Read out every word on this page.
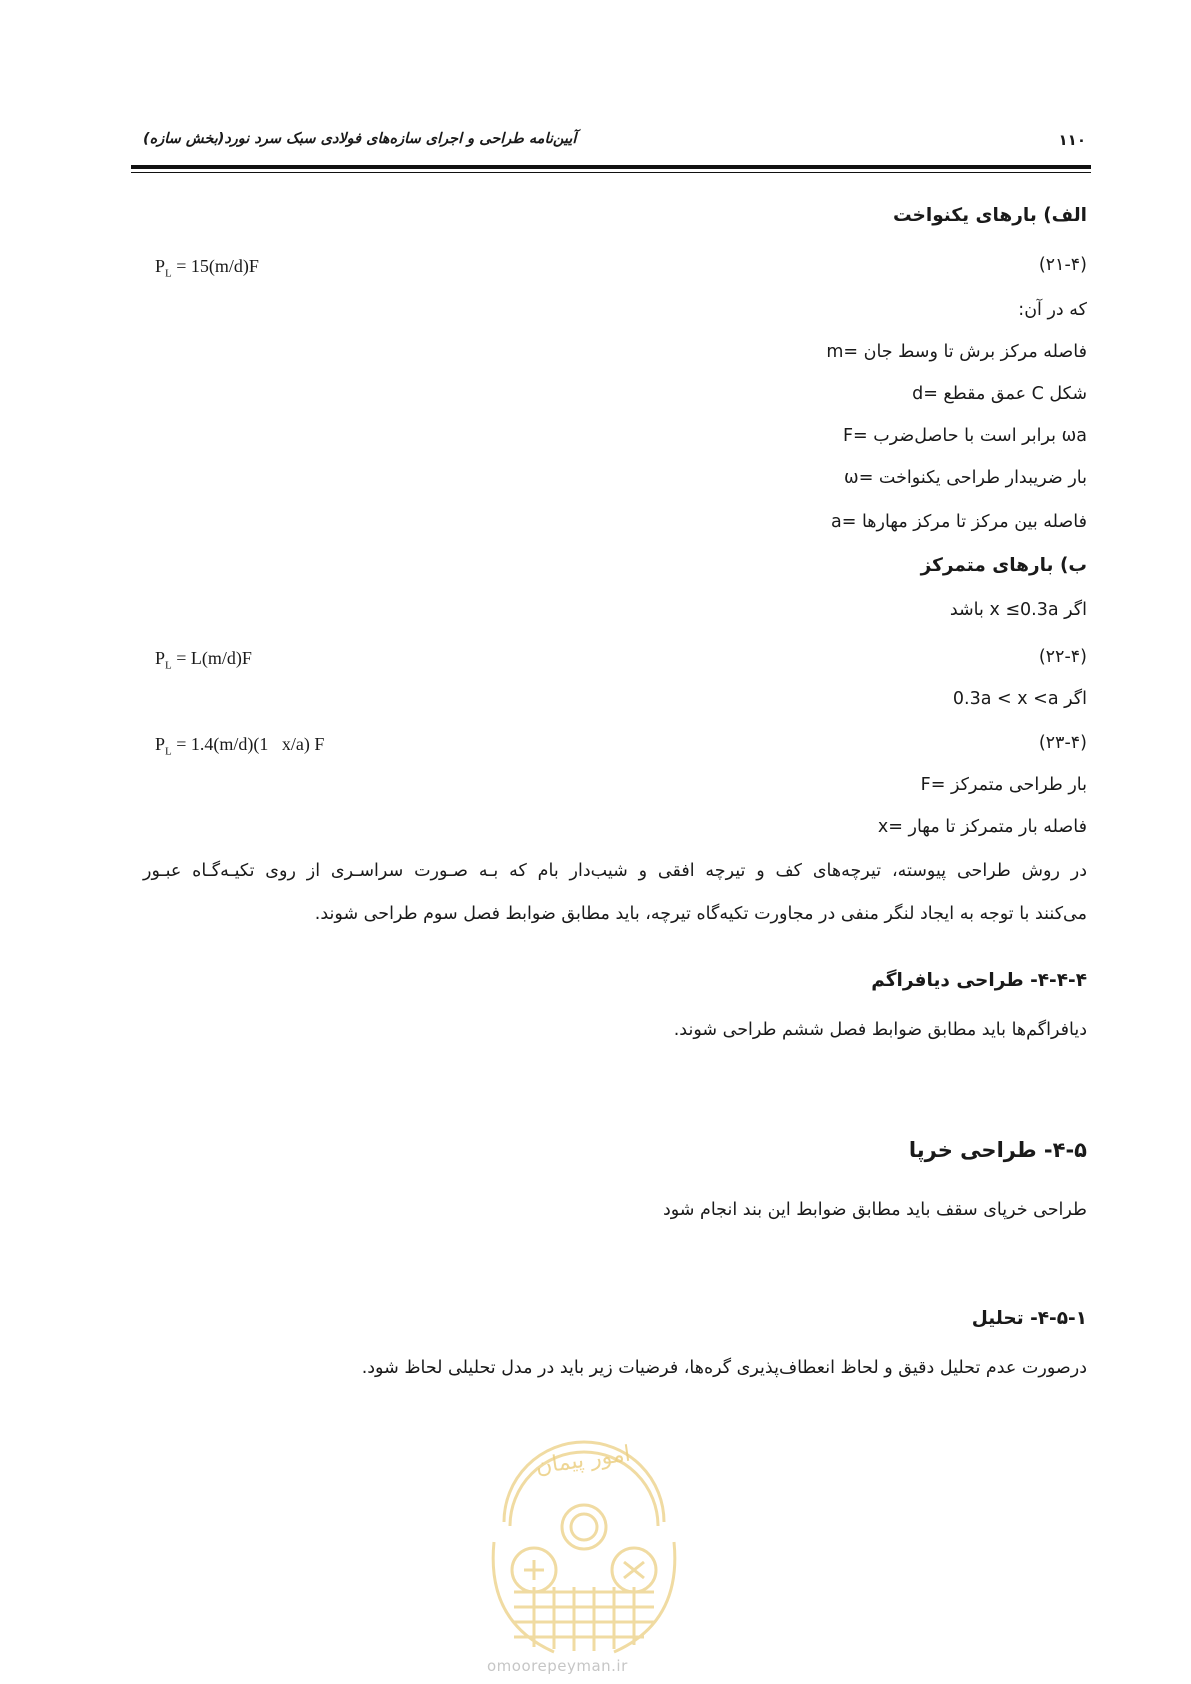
۱۱۰
آیین‌نامه طراحی و اجرای سازه‌های فولادی سبک سرد نورد(بخش سازه)
الف) بارهای یکنواخت
(۲۱-۴)
$P_L = 15(m/d)F$
که در آن:
m= فاصله مرکز برش تا وسط جان
d= عمق مقطع C شکل
F= برابر است با حاصل‌ضرب ωa
ω= بار ضریبدار طراحی یکنواخت
a= فاصله بین مرکز تا مرکز مهارها
ب) بارهای متمرکز
اگر x ≤0.3a باشد
(۲۲-۴)
$P_L = L(m/d)F$
اگر 0.3a < x <a
(۲۳-۴)
$P_L = 1.4(m/d)(1$   x/a) F
F= بار طراحی متمرکز
x= فاصله بار متمرکز تا مهار
در روش طراحی پیوسته، تیرچه‌های کف و تیرچه افقی و شیب‌دار بام که بـه صـورت سراسـری از روی تکیـه‌گـاه عبـور
می‌کنند با توجه به ایجاد لنگر منفی در مجاورت تکیه‌گاه تیرچه، باید مطابق ضوابط فصل سوم طراحی شوند.
۴-۴-۴- طراحی دیافراگم
دیافراگم‌ها باید مطابق ضوابط فصل ششم طراحی شوند.
۴-۵- طراحی خرپا
طراحی خرپای سقف باید مطابق ضوابط این بند انجام شود
۴-۵-۱- تحلیل
امور پیمان
درصورت عدم تحلیل دقیق و لحاظ انعطاف‌پذیری گره‌ها، فرضیات زیر باید در مدل تحلیلی لحاظ شود.
omoorepeyman.ir
